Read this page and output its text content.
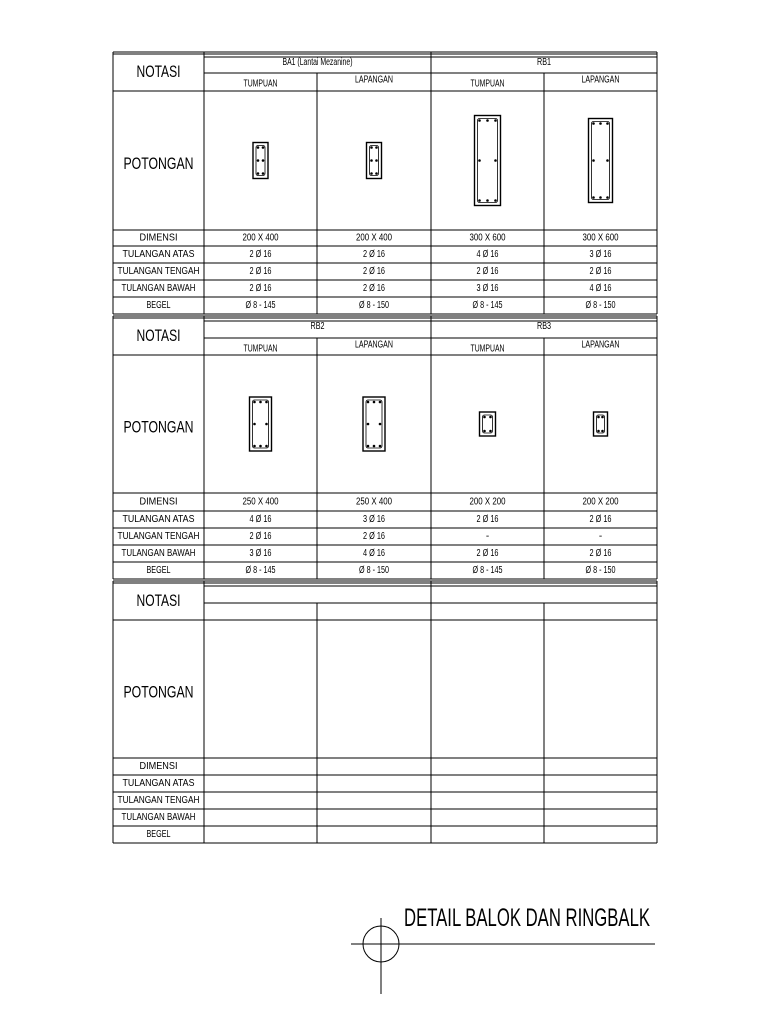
NOTASI
POTONGAN
DIMENSI
TULANGAN ATAS
TULANGAN TENGAH
TULANGAN BAWAH
BEGEL
BA1 (Lantai Mezanine)
TUMPUAN
200 X 400
2 Ø 16
2 Ø 16
2 Ø 16
Ø 8 - 145
LAPANGAN
200 X 400
2 Ø 16
2 Ø 16
2 Ø 16
Ø 8 - 150
RB1
TUMPUAN
300 X 600
4 Ø 16
2 Ø 16
3 Ø 16
Ø 8 - 145
LAPANGAN
300 X 600
3 Ø 16
2 Ø 16
4 Ø 16
Ø 8 - 150
NOTASI
POTONGAN
DIMENSI
TULANGAN ATAS
TULANGAN TENGAH
TULANGAN BAWAH
BEGEL
RB2
TUMPUAN
250 X 400
4 Ø 16
2 Ø 16
3 Ø 16
Ø 8 - 145
LAPANGAN
250 X 400
3 Ø 16
2 Ø 16
4 Ø 16
Ø 8 - 150
RB3
TUMPUAN
200 X 200
2 Ø 16
-
2 Ø 16
Ø 8 - 145
LAPANGAN
200 X 200
2 Ø 16
-
2 Ø 16
Ø 8 - 150
NOTASI
POTONGAN
DIMENSI
TULANGAN ATAS
TULANGAN TENGAH
TULANGAN BAWAH
BEGEL
DETAIL BALOK DAN RINGBALK
